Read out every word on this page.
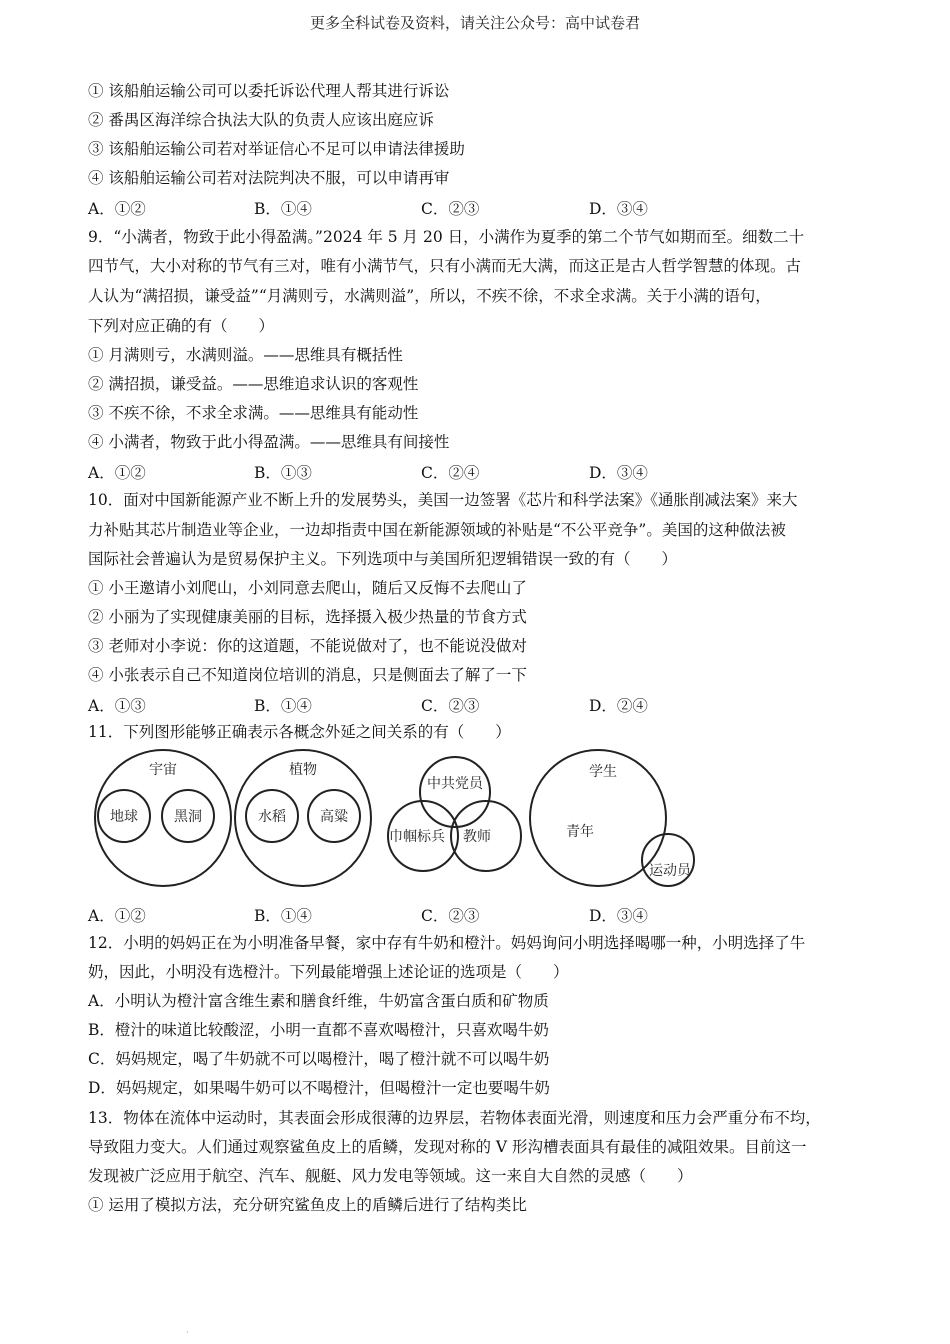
更多全科试卷及资料，请关注公众号：高中试卷君
① 该船舶运输公司可以委托诉讼代理人帮其进行诉讼
② 番禺区海洋综合执法大队的负责人应该出庭应诉
③ 该船舶运输公司若对举证信心不足可以申请法律援助
④ 该船舶运输公司若对法院判决不服，可以申请再审
A．①②	B．①④	C．②③	D．③④
9．“小满者，物致于此小得盈满。”2024 年 5 月 20 日，小满作为夏季的第二个节气如期而至。细数二十
四节气，大小对称的节气有三对，唯有小满节气，只有小满而无大满，而这正是古人哲学智慧的体现。古
人认为“满招损，谦受益”“月满则亏，水满则溢”，所以，不疾不徐，不求全求满。关于小满的语句，
下列对应正确的有（　　）
① 月满则亏，水满则溢。——思维具有概括性
② 满招损，谦受益。——思维追求认识的客观性
③ 不疾不徐，不求全求满。——思维具有能动性
④ 小满者，物致于此小得盈满。——思维具有间接性
A．①②	B．①③	C．②④	D．③④
10．面对中国新能源产业不断上升的发展势头，美国一边签署《芯片和科学法案》《通胀削减法案》来大
力补贴其芯片制造业等企业，一边却指责中国在新能源领域的补贴是“不公平竞争”。美国的这种做法被
国际社会普遍认为是贸易保护主义。下列选项中与美国所犯逻辑错误一致的有（　　）
① 小王邀请小刘爬山，小刘同意去爬山，随后又反悔不去爬山了
② 小丽为了实现健康美丽的目标，选择摄入极少热量的节食方式
③ 老师对小李说：你的这道题，不能说做对了，也不能说没做对
④ 小张表示自己不知道岗位培训的消息，只是侧面去了解了一下
A．①③	B．①④	C．②③	D．②④
11．下列图形能够正确表示各概念外延之间关系的有（　　）
宇宙
地球	黑洞
植物
水稻 高粱
中共党员
巾帼标兵 教师
学生
青年
运动员
A．①②	B．①④	C．②③	D．③④
12．小明的妈妈正在为小明准备早餐，家中存有牛奶和橙汁。妈妈询问小明选择喝哪一种，小明选择了牛
奶，因此，小明没有选橙汁。下列最能增强上述论证的选项是（　　）
A．小明认为橙汁富含维生素和膳食纤维，牛奶富含蛋白质和矿物质
B．橙汁的味道比较酸涩，小明一直都不喜欢喝橙汁，只喜欢喝牛奶
C．妈妈规定，喝了牛奶就不可以喝橙汁，喝了橙汁就不可以喝牛奶
D．妈妈规定，如果喝牛奶可以不喝橙汁，但喝橙汁一定也要喝牛奶
13．物体在流体中运动时，其表面会形成很薄的边界层，若物体表面光滑，则速度和压力会严重分布不均，
导致阻力变大。人们通过观察鲨鱼皮上的盾鳞，发现对称的 V 形沟槽表面具有最佳的减阻效果。目前这一
发现被广泛应用于航空、汽车、舰艇、风力发电等领域。这一来自大自然的灵感（　　）
① 运用了模拟方法，充分研究鲨鱼皮上的盾鳞后进行了结构类比
·
